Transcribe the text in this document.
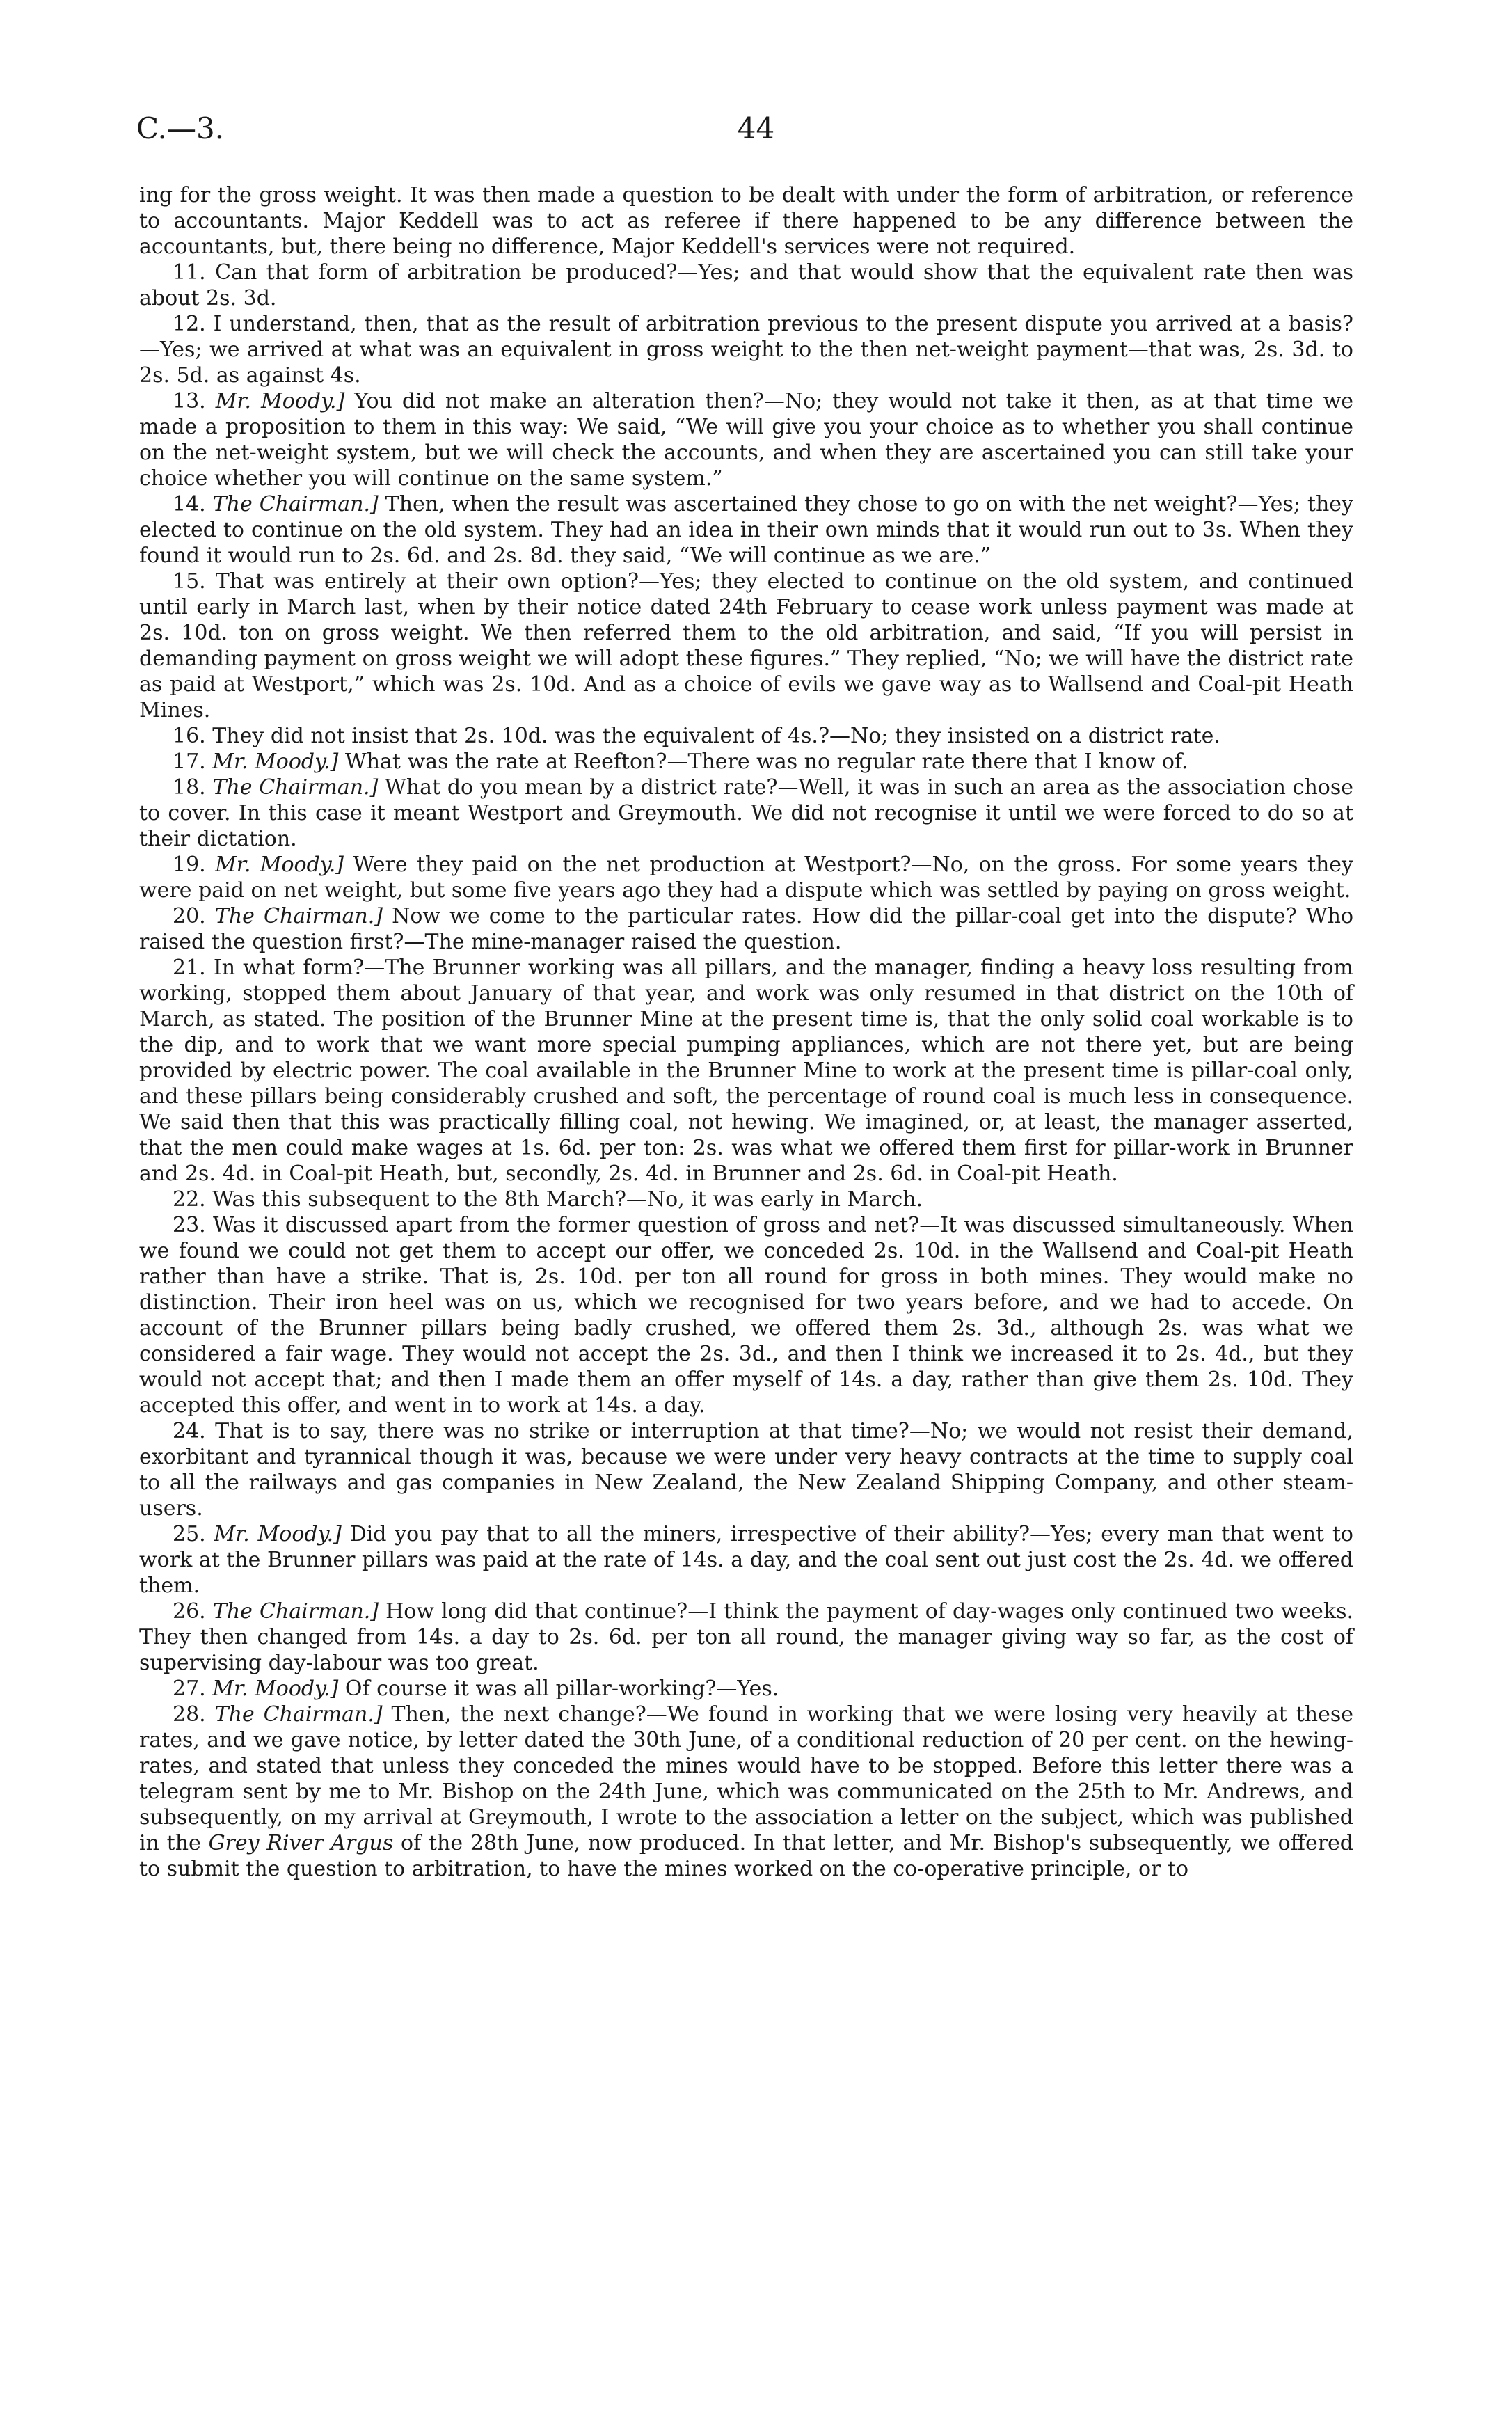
C.—3.	44

ing for the gross weight. It was then made a question to be dealt with under the form of arbitration, or reference to accountants. Major Keddell was to act as referee if there happened to be any difference between the accountants, but, there being no difference, Major Keddell's services were not required.

11. Can that form of arbitration be produced?—Yes; and that would show that the equivalent rate then was about 2s. 3d.

12. I understand, then, that as the result of arbitration previous to the present dispute you arrived at a basis?—Yes; we arrived at what was an equivalent in gross weight to the then net-weight payment—that was, 2s. 3d. to 2s. 5d. as against 4s.

13. Mr. Moody.] You did not make an alteration then?—No; they would not take it then, as at that time we made a proposition to them in this way: We said, “We will give you your choice as to whether you shall continue on the net-weight system, but we will check the accounts, and when they are ascertained you can still take your choice whether you will continue on the same system.”

14. The Chairman.] Then, when the result was ascertained they chose to go on with the net weight?—Yes; they elected to continue on the old system. They had an idea in their own minds that it would run out to 3s. When they found it would run to 2s. 6d. and 2s. 8d. they said, “We will continue as we are.”

15. That was entirely at their own option?—Yes; they elected to continue on the old system, and continued until early in March last, when by their notice dated 24th February to cease work unless payment was made at 2s. 10d. ton on gross weight. We then referred them to the old arbitration, and said, “If you will persist in demanding payment on gross weight we will adopt these figures.” They replied, “No; we will have the district rate as paid at Westport,” which was 2s. 10d. And as a choice of evils we gave way as to Wallsend and Coal-pit Heath Mines.

16. They did not insist that 2s. 10d. was the equivalent of 4s.?—No; they insisted on a district rate.

17. Mr. Moody.] What was the rate at Reefton?—There was no regular rate there that I know of.

18. The Chairman.] What do you mean by a district rate?—Well, it was in such an area as the association chose to cover. In this case it meant Westport and Greymouth. We did not recognise it until we were forced to do so at their dictation.

19. Mr. Moody.] Were they paid on the net production at Westport?—No, on the gross. For some years they were paid on net weight, but some five years ago they had a dispute which was settled by paying on gross weight.

20. The Chairman.] Now we come to the particular rates. How did the pillar-coal get into the dispute? Who raised the question first?—The mine-manager raised the question.

21. In what form?—The Brunner working was all pillars, and the manager, finding a heavy loss resulting from working, stopped them about January of that year, and work was only resumed in that district on the 10th of March, as stated. The position of the Brunner Mine at the present time is, that the only solid coal workable is to the dip, and to work that we want more special pumping appliances, which are not there yet, but are being provided by electric power. The coal available in the Brunner Mine to work at the present time is pillar-coal only, and these pillars being considerably crushed and soft, the percentage of round coal is much less in consequence. We said then that this was practically filling coal, not hewing. We imagined, or, at least, the manager asserted, that the men could make wages at 1s. 6d. per ton: 2s. was what we offered them first for pillar-work in Brunner and 2s. 4d. in Coal-pit Heath, but, secondly, 2s. 4d. in Brunner and 2s. 6d. in Coal-pit Heath.

22. Was this subsequent to the 8th March?—No, it was early in March.

23. Was it discussed apart from the former question of gross and net?—It was discussed simultaneously. When we found we could not get them to accept our offer, we conceded 2s. 10d. in the Wallsend and Coal-pit Heath rather than have a strike. That is, 2s. 10d. per ton all round for gross in both mines. They would make no distinction. Their iron heel was on us, which we recognised for two years before, and we had to accede. On account of the Brunner pillars being badly crushed, we offered them 2s. 3d., although 2s. was what we considered a fair wage. They would not accept the 2s. 3d., and then I think we increased it to 2s. 4d., but they would not accept that; and then I made them an offer myself of 14s. a day, rather than give them 2s. 10d. They accepted this offer, and went in to work at 14s. a day.

24. That is to say, there was no strike or interruption at that time?—No; we would not resist their demand, exorbitant and tyrannical though it was, because we were under very heavy contracts at the time to supply coal to all the railways and gas companies in New Zealand, the New Zealand Shipping Company, and other steam-users.

25. Mr. Moody.] Did you pay that to all the miners, irrespective of their ability?—Yes; every man that went to work at the Brunner pillars was paid at the rate of 14s. a day, and the coal sent out just cost the 2s. 4d. we offered them.

26. The Chairman.] How long did that continue?—I think the payment of day-wages only continued two weeks. They then changed from 14s. a day to 2s. 6d. per ton all round, the manager giving way so far, as the cost of supervising day-labour was too great.

27. Mr. Moody.] Of course it was all pillar-working?—Yes.

28. The Chairman.] Then, the next change?—We found in working that we were losing very heavily at these rates, and we gave notice, by letter dated the 30th June, of a conditional reduction of 20 per cent. on the hewing-rates, and stated that unless they conceded the mines would have to be stopped. Before this letter there was a telegram sent by me to Mr. Bishop on the 24th June, which was communicated on the 25th to Mr. Andrews, and subsequently, on my arrival at Greymouth, I wrote to the association a letter on the subject, which was published in the Grey River Argus of the 28th June, now produced. In that letter, and Mr. Bishop's subsequently, we offered to submit the question to arbitration, to have the mines worked on the co-operative principle, or to
